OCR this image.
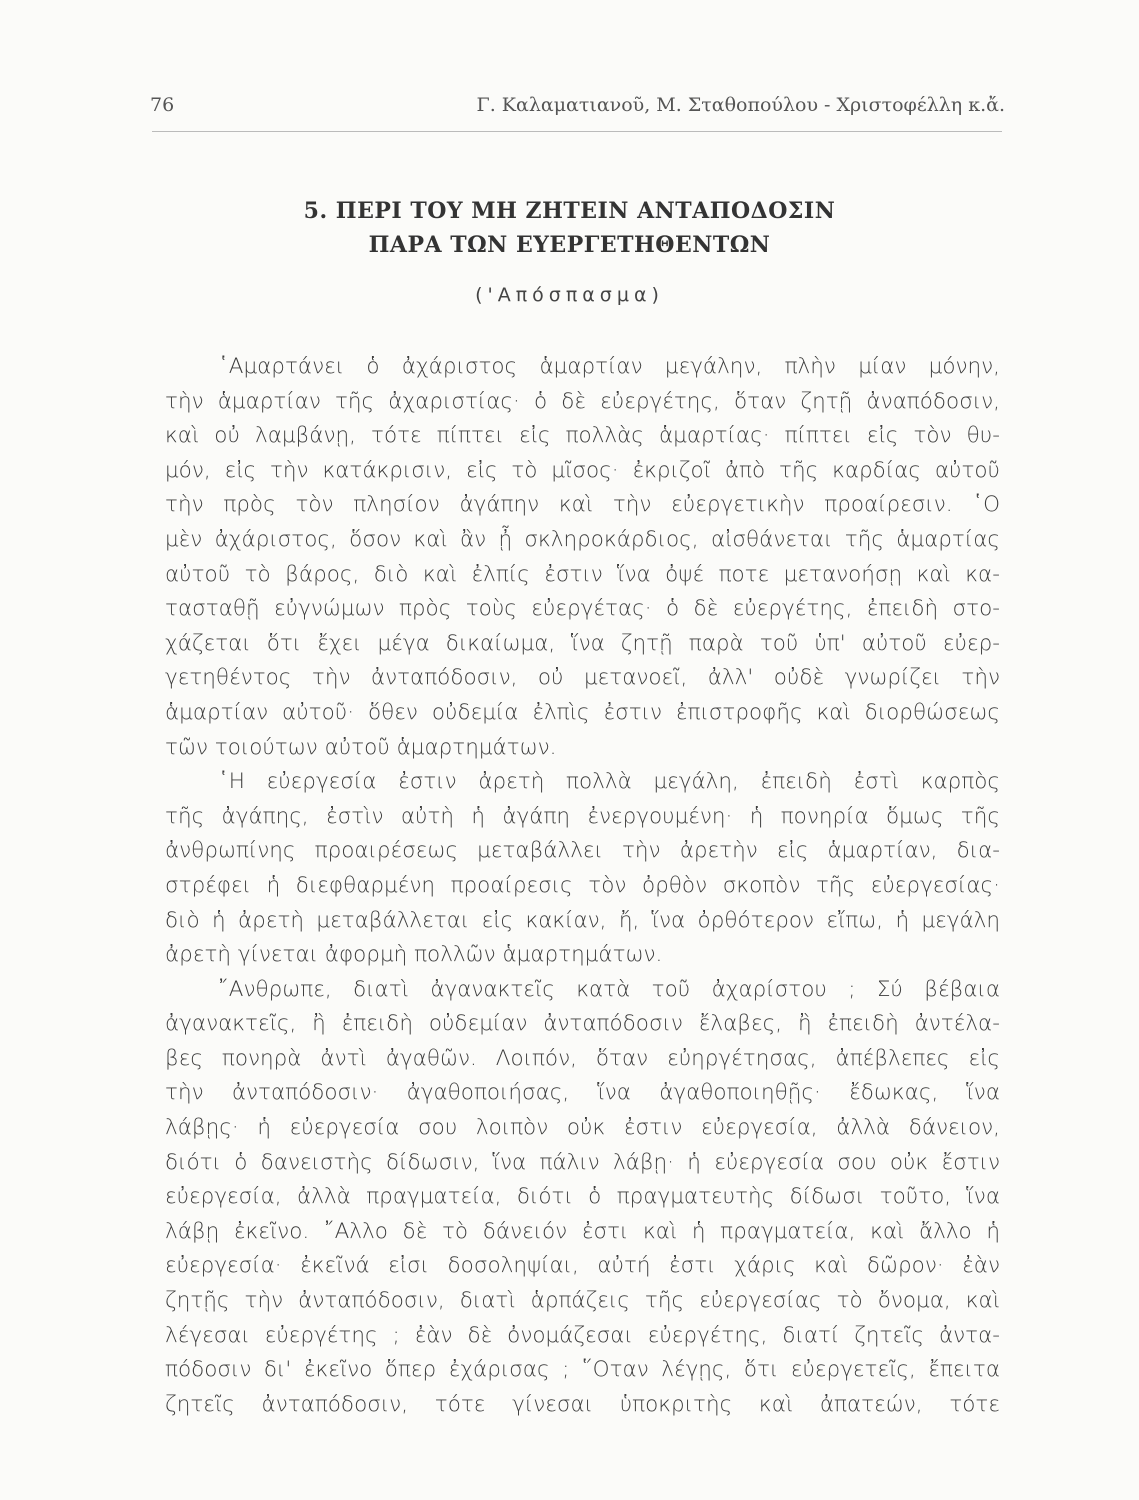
76	Γ. Καλαματιανοῦ, Μ. Σταθοπούλου - Χριστοφέλλη κ.ἄ.
5. ΠΕΡΙ ΤΟΥ ΜΗ ΖΗΤΕΙΝ ΑΝΤΑΠΟΔΟΣΙΝ
ΠΑΡΑ ΤΩΝ ΕΥΕΡΓΕΤΗΘΕΝΤΩΝ
('Απόσπασμα)
῾Αμαρτάνει ὁ ἀχάριστος ἁμαρτίαν μεγάλην, πλὴν μίαν μόνην,
τὴν ἁμαρτίαν τῆς ἀχαριστίας· ὁ δὲ εὐεργέτης, ὅταν ζητῇ ἀναπόδοσιν,
καὶ οὐ λαμβάνῃ, τότε πίπτει εἰς πολλὰς ἁμαρτίας· πίπτει εἰς τὸν θυ-
μόν, εἰς τὴν κατάκρισιν, εἰς τὸ μῖσος· ἐκριζοῖ ἀπὸ τῆς καρδίας αὐτοῦ
τὴν πρὸς τὸν πλησίον ἀγάπην καὶ τὴν εὐεργετικὴν προαίρεσιν. ῾Ο
μὲν ἀχάριστος, ὅσον καὶ ἂν ᾖ σκληροκάρδιος, αἰσθάνεται τῆς ἁμαρτίας
αὐτοῦ τὸ βάρος, διὸ καὶ ἐλπίς ἐστιν ἵνα ὀψέ ποτε μετανοήσῃ καὶ κα-
τασταθῇ εὐγνώμων πρὸς τοὺς εὐεργέτας· ὁ δὲ εὐεργέτης, ἐπειδὴ στο-
χάζεται ὅτι ἔχει μέγα δικαίωμα, ἵνα ζητῇ παρὰ τοῦ ὑπ' αὐτοῦ εὐερ-
γετηθέντος τὴν ἀνταπόδοσιν, οὐ μετανοεῖ, ἀλλ' οὐδὲ γνωρίζει τὴν
ἁμαρτίαν αὐτοῦ· ὅθεν οὐδεμία ἐλπὶς ἐστιν ἐπιστροφῆς καὶ διορθώσεως
τῶν τοιούτων αὐτοῦ ἁμαρτημάτων.
῾Η εὐεργεσία ἐστιν ἀρετὴ πολλὰ μεγάλη, ἐπειδὴ ἐστὶ καρπὸς
τῆς ἀγάπης, ἐστὶν αὐτὴ ἡ ἀγάπη ἐνεργουμένη· ἡ πονηρία ὅμως τῆς
ἀνθρωπίνης προαιρέσεως μεταβάλλει τὴν ἀρετὴν εἰς ἁμαρτίαν, δια-
στρέφει ἡ διεφθαρμένη προαίρεσις τὸν ὀρθὸν σκοπὸν τῆς εὐεργεσίας·
διὸ ἡ ἀρετὴ μεταβάλλεται εἰς κακίαν, ἤ, ἵνα ὀρθότερον εἴπω, ἡ μεγάλη
ἀρετὴ γίνεται ἀφορμὴ πολλῶν ἁμαρτημάτων.
῎Ανθρωπε, διατὶ ἀγανακτεῖς κατὰ τοῦ ἀχαρίστου ; Σύ βέβαια
ἀγανακτεῖς, ἢ ἐπειδὴ οὐδεμίαν ἀνταπόδοσιν ἔλαβες, ἢ ἐπειδὴ ἀντέλα-
βες πονηρὰ ἀντὶ ἀγαθῶν. Λοιπόν, ὅταν εὐηργέτησας, ἀπέβλεπες εἰς
τὴν ἀνταπόδοσιν· ἀγαθοποιήσας, ἵνα ἀγαθοποιηθῇς· ἔδωκας, ἵνα
λάβῃς· ἡ εὐεργεσία σου λοιπὸν οὐκ ἐστιν εὐεργεσία, ἀλλὰ δάνειον,
διότι ὁ δανειστὴς δίδωσιν, ἵνα πάλιν λάβῃ· ἡ εὐεργεσία σου οὐκ ἔστιν
εὐεργεσία, ἀλλὰ πραγματεία, διότι ὁ πραγματευτὴς δίδωσι τοῦτο, ἵνα
λάβῃ ἐκεῖνο. ῎Αλλο δὲ τὸ δάνειόν ἐστι καὶ ἡ πραγματεία, καὶ ἄλλο ἡ
εὐεργεσία· ἐκεῖνά εἰσι δοσοληψίαι, αὐτή ἐστι χάρις καὶ δῶρον· ἐὰν
ζητῇς τὴν ἀνταπόδοσιν, διατὶ ἁρπάζεις τῆς εὐεργεσίας τὸ ὄνομα, καὶ
λέγεσαι εὐεργέτης ; ἐὰν δὲ ὀνομάζεσαι εὐεργέτης, διατί ζητεῖς ἀντα-
πόδοσιν δι' ἐκεῖνο ὅπερ ἐχάρισας ; ῞Οταν λέγῃς, ὅτι εὐεργετεῖς, ἔπειτα
ζητεῖς ἀνταπόδοσιν, τότε γίνεσαι ὑποκριτὴς καὶ ἀπατεών, τότε
